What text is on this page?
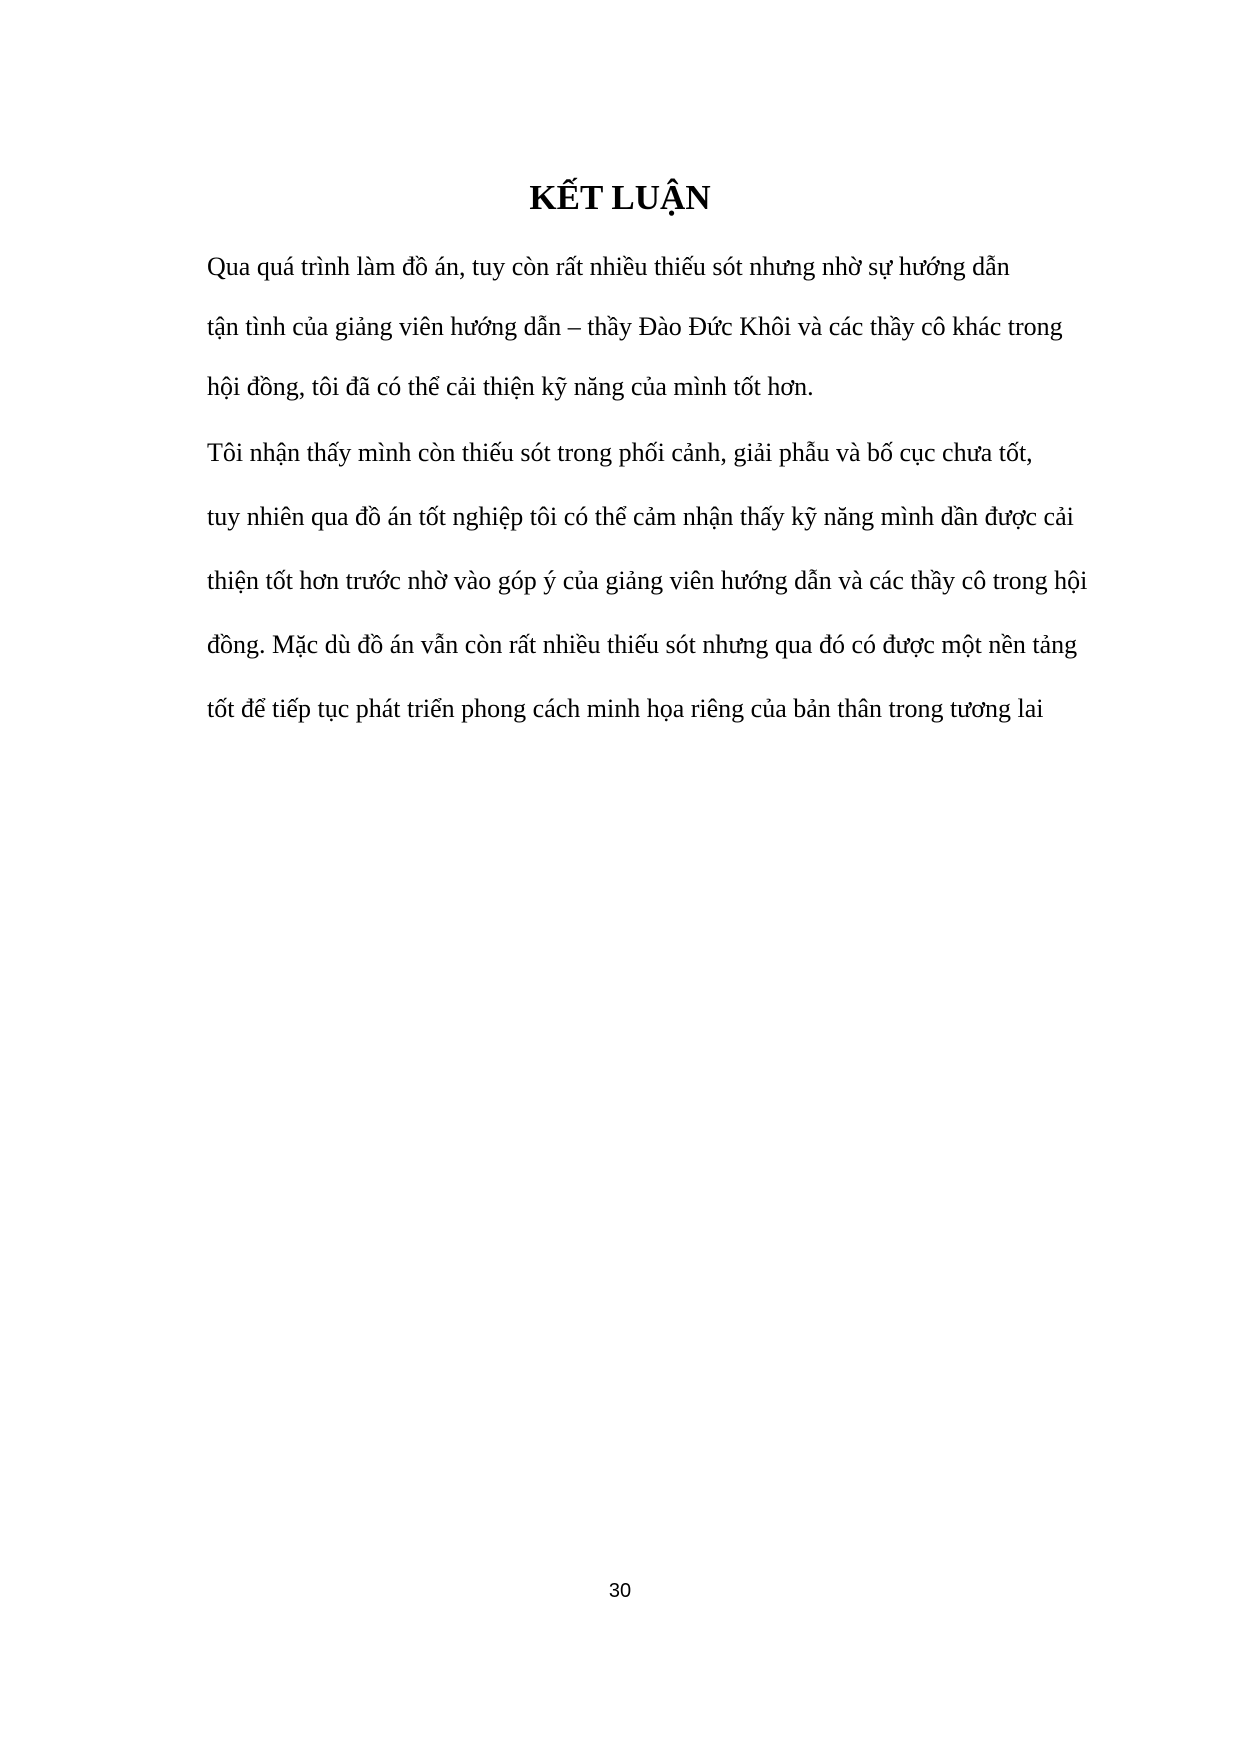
KẾT LUẬN

Qua quá trình làm đồ án, tuy còn rất nhiều thiếu sót nhưng nhờ sự hướng dẫn

tận tình của giảng viên hướng dẫn – thầy Đào Đức Khôi và các thầy cô khác trong

hội đồng, tôi đã có thể cải thiện kỹ năng của mình tốt hơn.

Tôi nhận thấy mình còn thiếu sót trong phối cảnh, giải phẫu và bố cục chưa tốt,

tuy nhiên qua đồ án tốt nghiệp tôi có thể cảm nhận thấy kỹ năng mình dần được cải

thiện tốt hơn trước nhờ vào góp ý của giảng viên hướng dẫn và các thầy cô trong hội

đồng. Mặc dù đồ án vẫn còn rất nhiều thiếu sót nhưng qua đó có được một nền tảng

tốt để tiếp tục phát triển phong cách minh họa riêng của bản thân trong tương lai

30
